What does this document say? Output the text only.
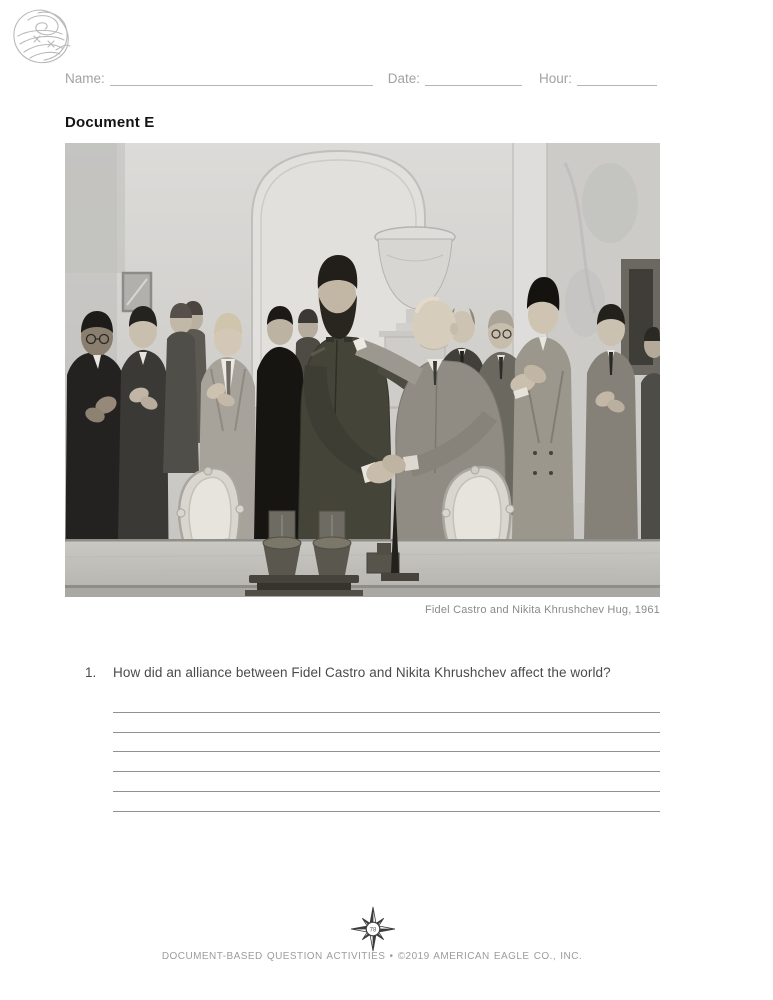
Name:	Date:	Hour:
Document E
Fidel Castro and Nikita Khrushchev Hug, 1961
1. How did an alliance between Fidel Castro and Nikita Khrushchev affect the world?
78
DOCUMENT-BASED QUESTION ACTIVITIES • ©2019 AMERICAN EAGLE CO., INC.
